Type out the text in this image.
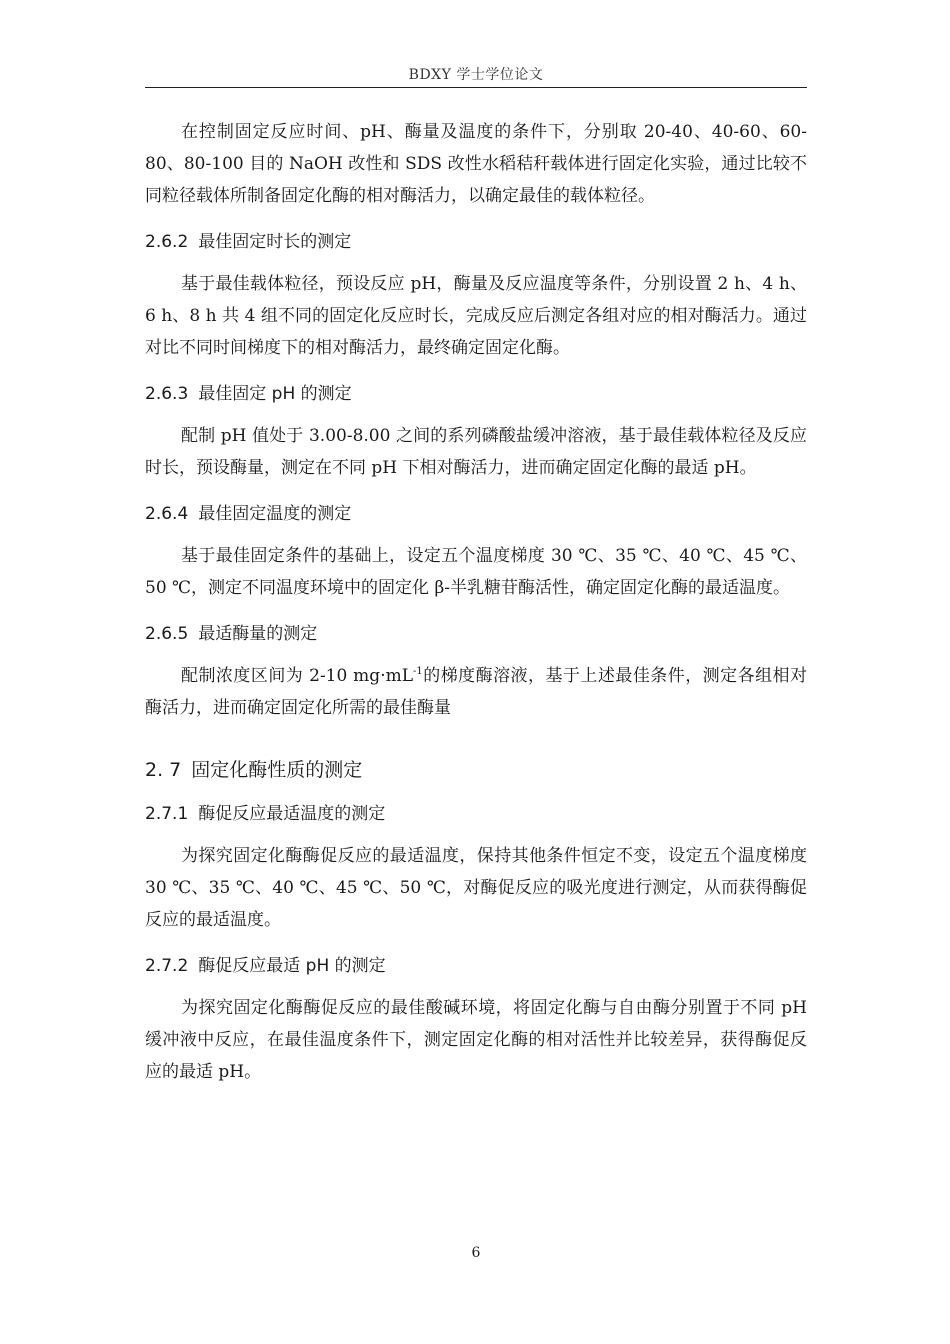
BDXY 学士学位论文

在控制固定反应时间、pH、酶量及温度的条件下，分别取 20-40、40-60、60-80、80-100 目的 NaOH 改性和 SDS 改性水稻秸秆载体进行固定化实验，通过比较不同粒径载体所制备固定化酶的相对酶活力，以确定最佳的载体粒径。

2.6.2 最佳固定时长的测定

基于最佳载体粒径，预设反应 pH，酶量及反应温度等条件，分别设置 2 h、4 h、6 h、8 h 共 4 组不同的固定化反应时长，完成反应后测定各组对应的相对酶活力。通过对比不同时间梯度下的相对酶活力，最终确定固定化酶。

2.6.3 最佳固定 pH 的测定

配制 pH 值处于 3.00-8.00 之间的系列磷酸盐缓冲溶液，基于最佳载体粒径及反应时长，预设酶量，测定在不同 pH 下相对酶活力，进而确定固定化酶的最适 pH。

2.6.4 最佳固定温度的测定

基于最佳固定条件的基础上，设定五个温度梯度 30 ℃、35 ℃、40 ℃、45 ℃、50 ℃，测定不同温度环境中的固定化 β-半乳糖苷酶活性，确定固定化酶的最适温度。

2.6.5 最适酶量的测定

配制浓度区间为 2-10 $mg\cdot mL^{-1}$的梯度酶溶液，基于上述最佳条件，测定各组相对酶活力，进而确定固定化所需的最佳酶量

2. 7 固定化酶性质的测定
2.7.1 酶促反应最适温度的测定

为探究固定化酶酶促反应的最适温度，保持其他条件恒定不变，设定五个温度梯度 30 ℃、35 ℃、40 ℃、45 ℃、50 ℃，对酶促反应的吸光度进行测定，从而获得酶促反应的最适温度。

2.7.2 酶促反应最适 pH 的测定

为探究固定化酶酶促反应的最佳酸碱环境，将固定化酶与自由酶分别置于不同 pH 缓冲液中反应，在最佳温度条件下，测定固定化酶的相对活性并比较差异，获得酶促反应的最适 pH。

6
